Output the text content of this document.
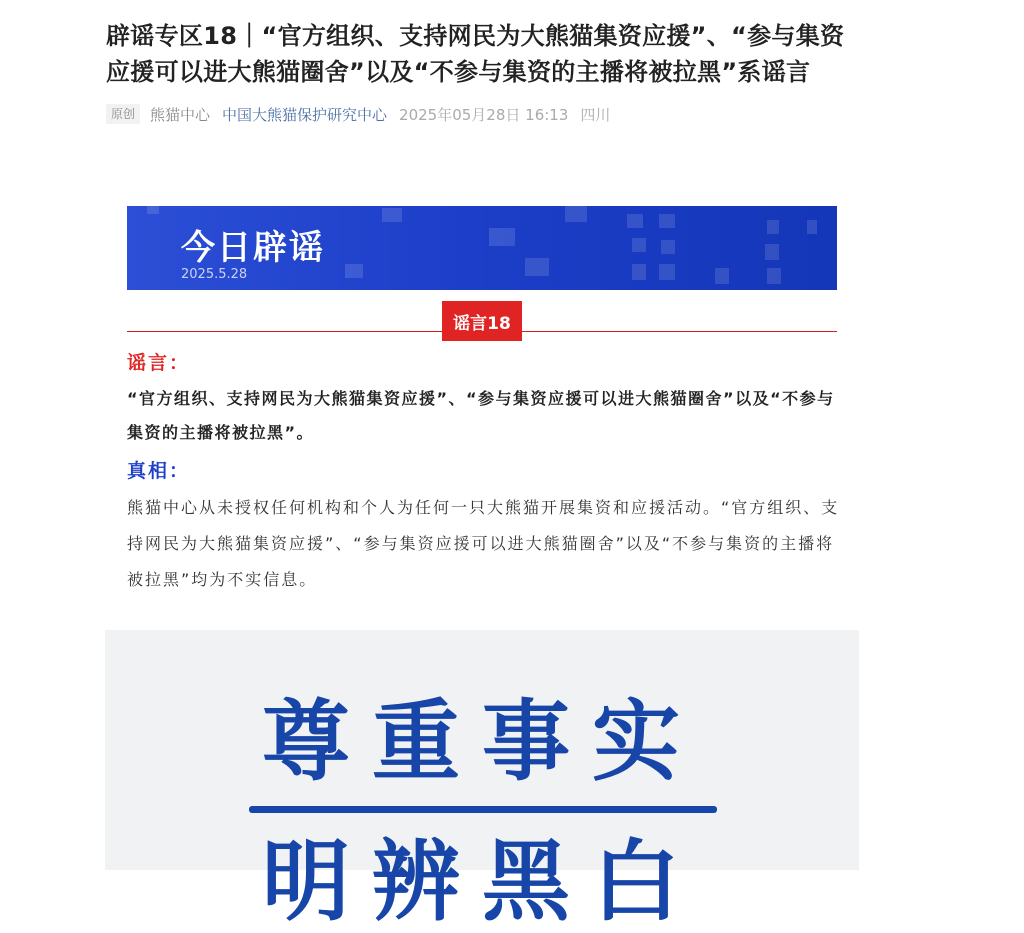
辟谣专区18｜“官方组织、支持网民为大熊猫集资应援”、“参与集资应援可以进大熊猫圈舍”以及“不参与集资的主播将被拉黑”系谣言
原创	熊猫中心 中国大熊猫保护研究中心 2025年05月28日 16:13 四川
今日辟谣
2025.5.28
谣言18
谣言：

“官方组织、支持网民为大熊猫集资应援”、“参与集资应援可以进大熊猫圈舍”以及“不参与集资的主播将被拉黑”。

真相：

熊猫中心从未授权任何机构和个人为任何一只大熊猫开展集资和应援活动。“官方组织、支持网民为大熊猫集资应援”、“参与集资应援可以进大熊猫圈舍”以及“不参与集资的主播将被拉黑”均为不实信息。

尊重事实
明辨黑白
